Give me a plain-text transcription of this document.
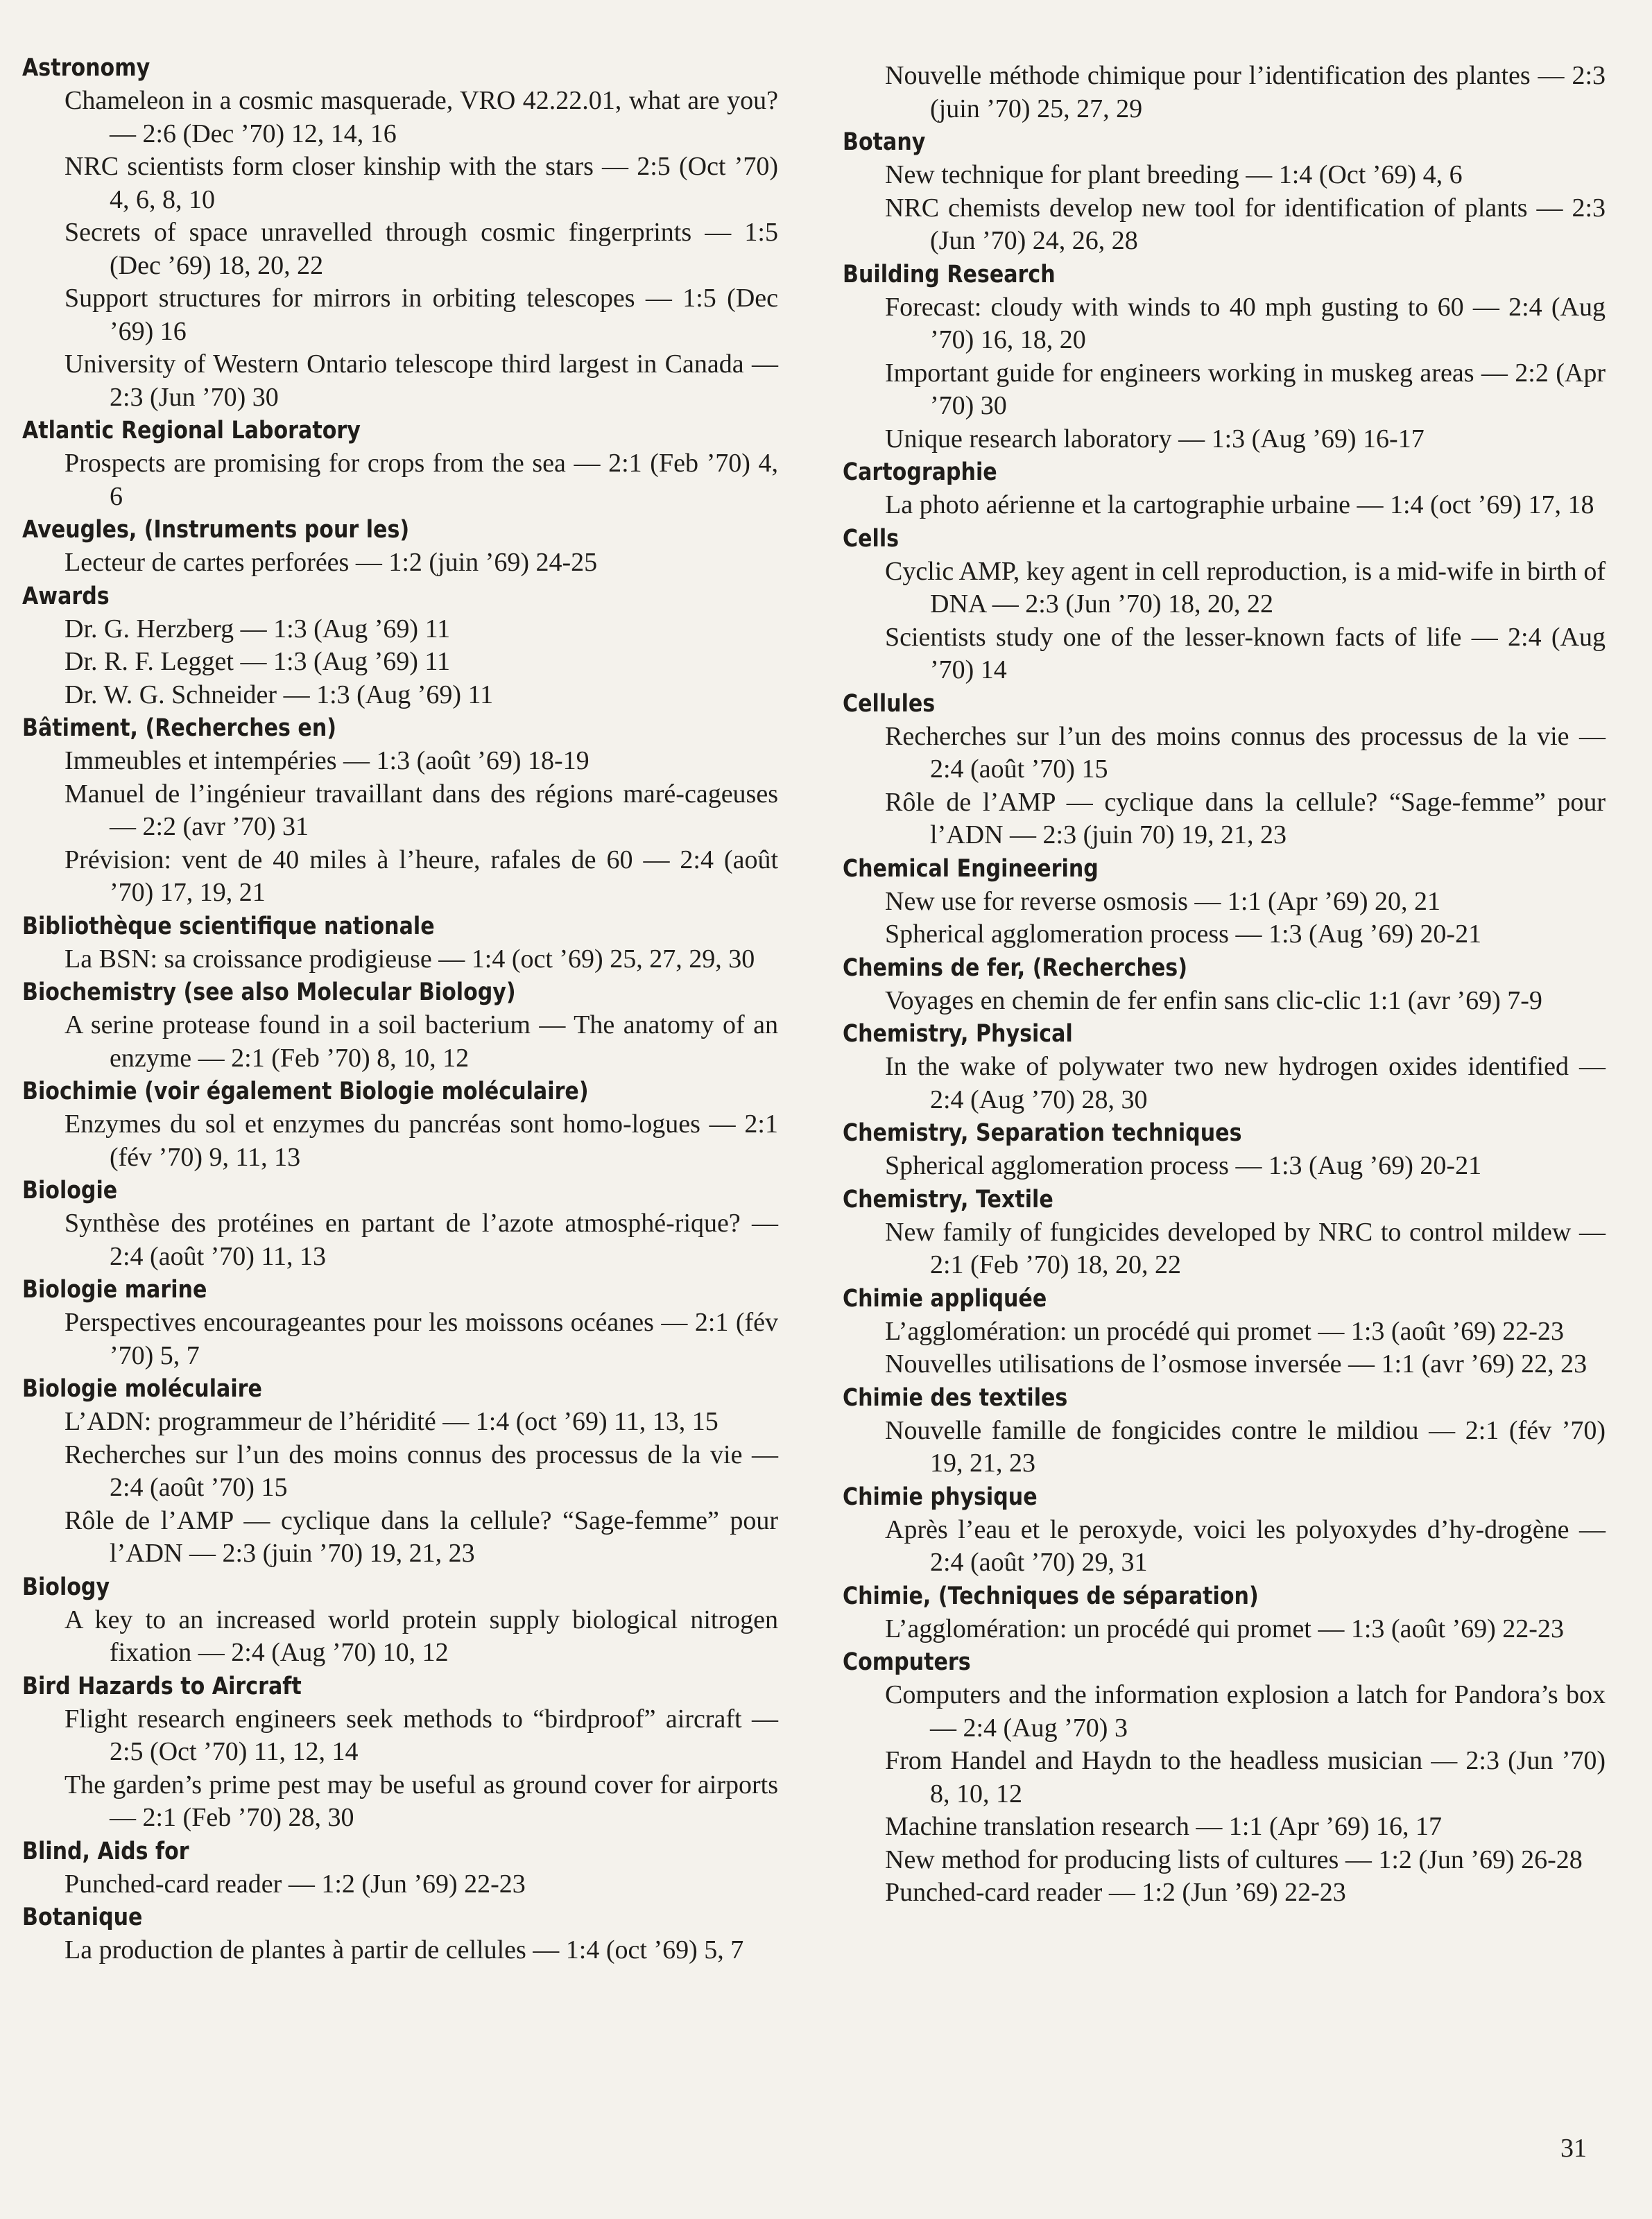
Astronomy
Chameleon in a cosmic masquerade, VRO 42.22.01, what are you? — 2:6 (Dec ’70) 12, 14, 16
NRC scientists form closer kinship with the stars — 2:5 (Oct ’70) 4, 6, 8, 10
Secrets of space unravelled through cosmic fingerprints — 1:5 (Dec ’69) 18, 20, 22
Support structures for mirrors in orbiting telescopes — 1:5 (Dec ’69) 16
University of Western Ontario telescope third largest in Canada — 2:3 (Jun ’70) 30
Atlantic Regional Laboratory
Prospects are promising for crops from the sea — 2:1 (Feb ’70) 4, 6
Aveugles, (Instruments pour les)
Lecteur de cartes perforées — 1:2 (juin ’69) 24-25
Awards
Dr. G. Herzberg — 1:3 (Aug ’69) 11
Dr. R. F. Legget — 1:3 (Aug ’69) 11
Dr. W. G. Schneider — 1:3 (Aug ’69) 11
Bâtiment, (Recherches en)
Immeubles et intempéries — 1:3 (août ’69) 18-19
Manuel de l’ingénieur travaillant dans des régions maré-cageuses — 2:2 (avr ’70) 31
Prévision: vent de 40 miles à l’heure, rafales de 60 — 2:4 (août ’70) 17, 19, 21
Bibliothèque scientifique nationale
La BSN: sa croissance prodigieuse — 1:4 (oct ’69) 25, 27, 29, 30
Biochemistry (see also Molecular Biology)
A serine protease found in a soil bacterium — The anatomy of an enzyme — 2:1 (Feb ’70) 8, 10, 12
Biochimie (voir également Biologie moléculaire)
Enzymes du sol et enzymes du pancréas sont homo-logues — 2:1 (fév ’70) 9, 11, 13
Biologie
Synthèse des protéines en partant de l’azote atmosphé-rique? — 2:4 (août ’70) 11, 13
Biologie marine
Perspectives encourageantes pour les moissons océanes — 2:1 (fév ’70) 5, 7
Biologie moléculaire
L’ADN: programmeur de l’héridité — 1:4 (oct ’69) 11, 13, 15
Recherches sur l’un des moins connus des processus de la vie — 2:4 (août ’70) 15
Rôle de l’AMP — cyclique dans la cellule? “Sage-femme” pour l’ADN — 2:3 (juin ’70) 19, 21, 23
Biology
A key to an increased world protein supply biological nitrogen fixation — 2:4 (Aug ’70) 10, 12
Bird Hazards to Aircraft
Flight research engineers seek methods to “birdproof” aircraft — 2:5 (Oct ’70) 11, 12, 14
The garden’s prime pest may be useful as ground cover for airports — 2:1 (Feb ’70) 28, 30
Blind, Aids for
Punched-card reader — 1:2 (Jun ’69) 22-23
Botanique
La production de plantes à partir de cellules — 1:4 (oct ’69) 5, 7
Nouvelle méthode chimique pour l’identification des plantes — 2:3 (juin ’70) 25, 27, 29
Botany
New technique for plant breeding — 1:4 (Oct ’69) 4, 6
NRC chemists develop new tool for identification of plants — 2:3 (Jun ’70) 24, 26, 28
Building Research
Forecast: cloudy with winds to 40 mph gusting to 60 — 2:4 (Aug ’70) 16, 18, 20
Important guide for engineers working in muskeg areas — 2:2 (Apr ’70) 30
Unique research laboratory — 1:3 (Aug ’69) 16-17
Cartographie
La photo aérienne et la cartographie urbaine — 1:4 (oct ’69) 17, 18
Cells
Cyclic AMP, key agent in cell reproduction, is a mid-wife in birth of DNA — 2:3 (Jun ’70) 18, 20, 22
Scientists study one of the lesser-known facts of life — 2:4 (Aug ’70) 14
Cellules
Recherches sur l’un des moins connus des processus de la vie — 2:4 (août ’70) 15
Rôle de l’AMP — cyclique dans la cellule? “Sage-femme” pour l’ADN — 2:3 (juin 70) 19, 21, 23
Chemical Engineering
New use for reverse osmosis — 1:1 (Apr ’69) 20, 21
Spherical agglomeration process — 1:3 (Aug ’69) 20-21
Chemins de fer, (Recherches)
Voyages en chemin de fer enfin sans clic-clic 1:1 (avr ’69) 7-9
Chemistry, Physical
In the wake of polywater two new hydrogen oxides identified — 2:4 (Aug ’70) 28, 30
Chemistry, Separation techniques
Spherical agglomeration process — 1:3 (Aug ’69) 20-21
Chemistry, Textile
New family of fungicides developed by NRC to control mildew — 2:1 (Feb ’70) 18, 20, 22
Chimie appliquée
L’agglomération: un procédé qui promet — 1:3 (août ’69) 22-23
Nouvelles utilisations de l’osmose inversée — 1:1 (avr ’69) 22, 23
Chimie des textiles
Nouvelle famille de fongicides contre le mildiou — 2:1 (fév ’70) 19, 21, 23
Chimie physique
Après l’eau et le peroxyde, voici les polyoxydes d’hy-drogène — 2:4 (août ’70) 29, 31
Chimie, (Techniques de séparation)
L’agglomération: un procédé qui promet — 1:3 (août ’69) 22-23
Computers
Computers and the information explosion a latch for Pandora’s box — 2:4 (Aug ’70) 3
From Handel and Haydn to the headless musician — 2:3 (Jun ’70) 8, 10, 12
Machine translation research — 1:1 (Apr ’69) 16, 17
New method for producing lists of cultures — 1:2 (Jun ’69) 26-28
Punched-card reader — 1:2 (Jun ’69) 22-23
31
